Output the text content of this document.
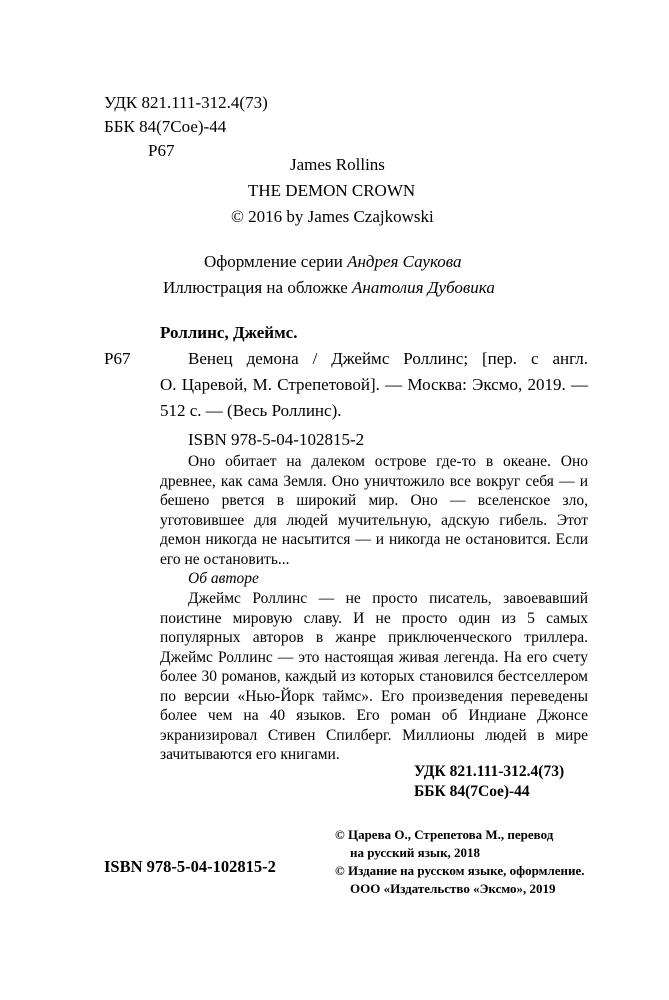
УДК 821.111-312.4(73)
ББК 84(7Сое)-44
Р67
James Rollins
THE DEMON CROWN
© 2016 by James Czajkowski
Оформление серии Андрея Саукова
Иллюстрация на обложке Анатолия Дубовика
Роллинс, Джеймс.
Р67	Венец демона / Джеймс Роллинс; [пер. с англ.
О. Царевой, М. Стрепетовой]. — Москва: Эксмо, 2019. —
512 с. — (Весь Роллинс).
ISBN 978-5-04-102815-2
Оно обитает на далеком острове где-то в океане. Оно древнее, как сама Земля. Оно уничтожило все вокруг себя — и бешено рвется в широкий мир. Оно — вселенское зло, уготовившее для людей мучительную, адскую гибель. Этот демон никогда не насытится — и никогда не остановится. Если его не остановить...
Об авторе
Джеймс Роллинс — не просто писатель, завоевавший поистине мировую славу. И не просто один из 5 самых популярных авторов в жанре приключенческого триллера. Джеймс Роллинс — это настоящая живая легенда. На его счету более 30 романов, каждый из которых становился бестселлером по версии «Нью-Йорк таймс». Его произведения переведены более чем на 40 языков. Его роман об Индиане Джонсе экранизировал Стивен Спилберг. Миллионы людей в мире зачитываются его книгами.
УДК 821.111-312.4(73)
ББК 84(7Сое)-44
© Царева О., Стрепетова М., перевод
на русский язык, 2018
© Издание на русском языке, оформление.
ООО «Издательство «Эксмо», 2019
ISBN 978-5-04-102815-2
